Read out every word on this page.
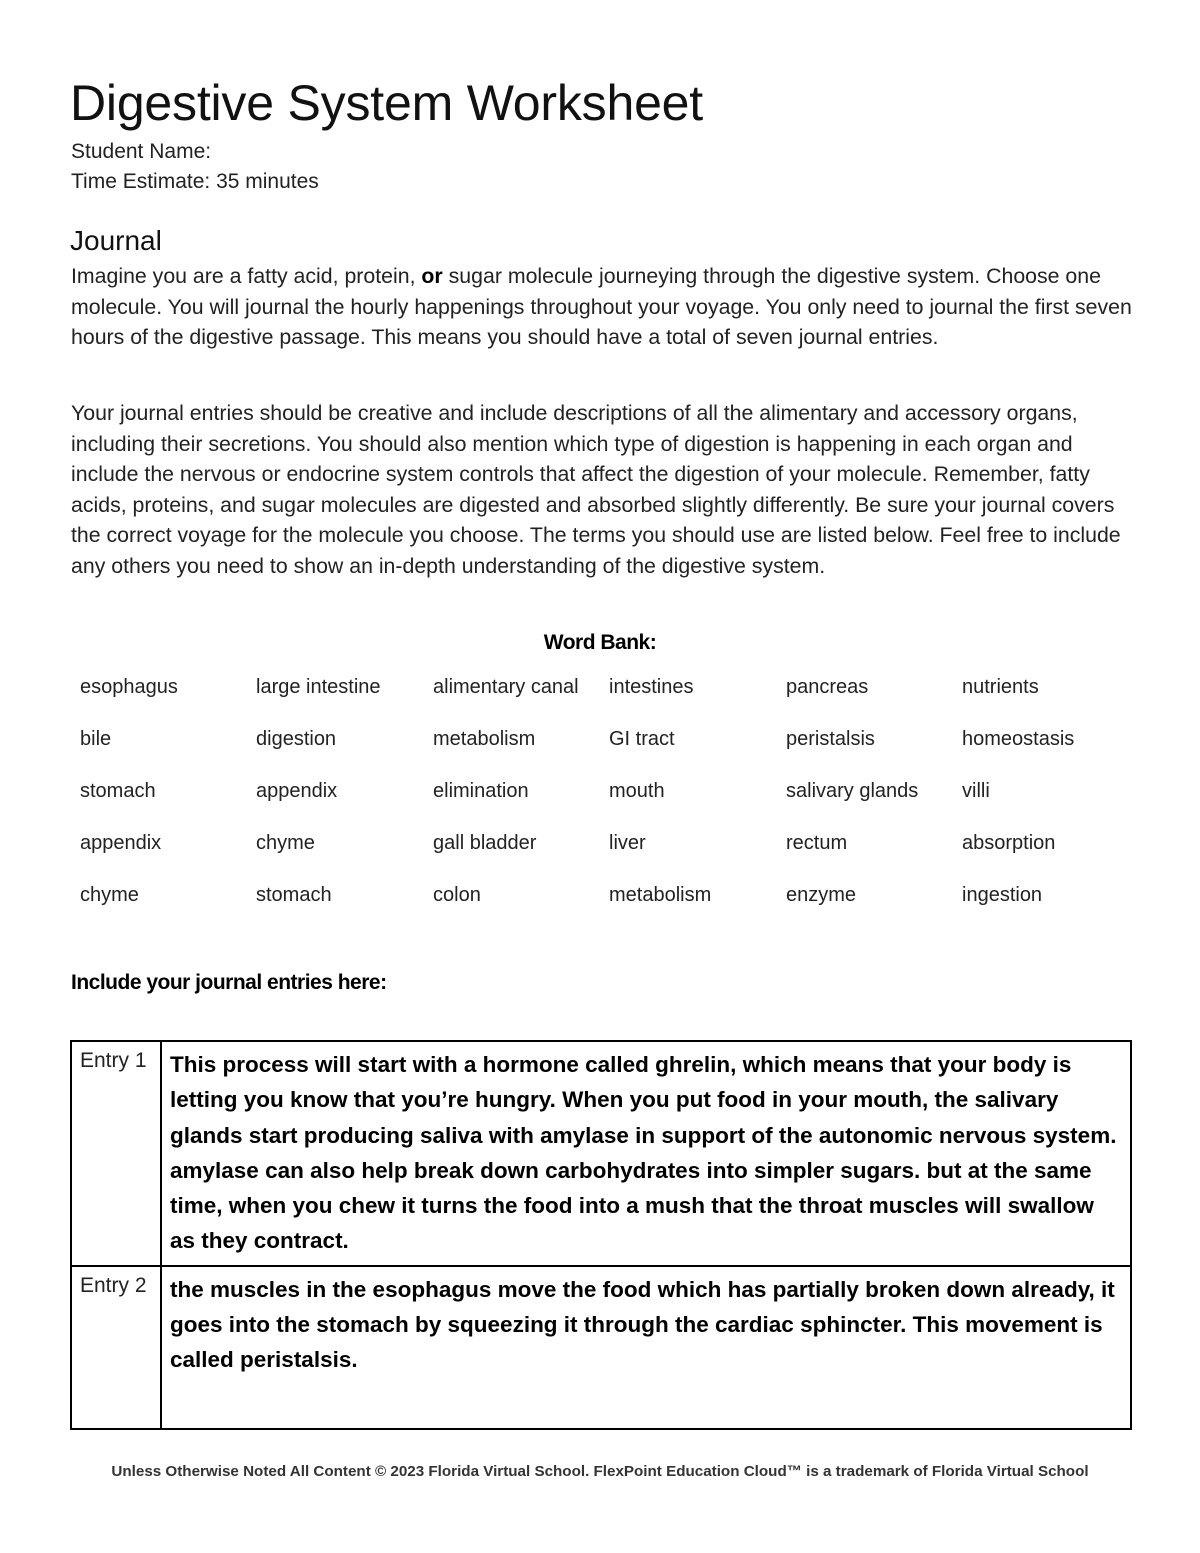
Digestive System Worksheet
Student Name:
Time Estimate: 35 minutes
Journal

Imagine you are a fatty acid, protein, or sugar molecule journeying through the digestive system. Choose one molecule. You will journal the hourly happenings throughout your voyage. You only need to journal the first seven hours of the digestive passage. This means you should have a total of seven journal entries.

Your journal entries should be creative and include descriptions of all the alimentary and accessory organs, including their secretions. You should also mention which type of digestion is happening in each organ and include the nervous or endocrine system controls that affect the digestion of your molecule. Remember, fatty acids, proteins, and sugar molecules are digested and absorbed slightly differently. Be sure your journal covers the correct voyage for the molecule you choose. The terms you should use are listed below. Feel free to include any others you need to show an in-depth understanding of the digestive system.

Word Bank:
esophagus	large intestine	alimentary canal	intestines	pancreas	nutrients
bile	digestion	metabolism	GI tract	peristalsis	homeostasis
stomach	appendix	elimination	mouth	salivary glands	villi
appendix	chyme	gall bladder	liver	rectum	absorption
chyme	stomach	colon	metabolism	enzyme	ingestion
Include your journal entries here:
Entry 1	This process will start with a hormone called ghrelin, which means that your body is letting you know that you’re hungry. When you put food in your mouth, the salivary glands start producing saliva with amylase in support of the autonomic nervous system. amylase can also help break down carbohydrates into simpler sugars. but at the same time, when you chew it turns the food into a mush that the throat muscles will swallow as they contract.
Entry 2	the muscles in the esophagus move the food which has partially broken down already, it goes into the stomach by squeezing it through the cardiac sphincter. This movement is called peristalsis.
Unless Otherwise Noted All Content © 2023 Florida Virtual School. FlexPoint Education Cloud™ is a trademark of Florida Virtual School
